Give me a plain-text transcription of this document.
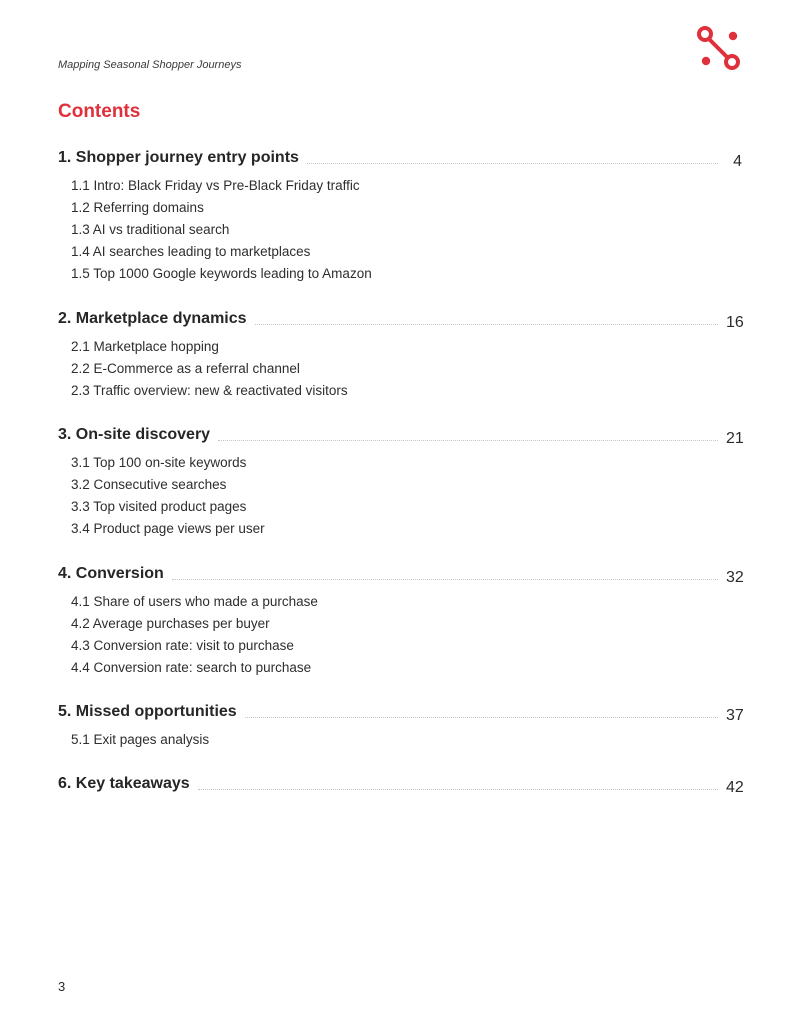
Mapping Seasonal Shopper Journeys
Contents
1. Shopper journey entry points	4
1.1 Intro: Black Friday vs Pre-Black Friday traffic
1.2 Referring domains
1.3 AI vs traditional search
1.4 AI searches leading to marketplaces
1.5 Top 1000 Google keywords leading to Amazon
2. Marketplace dynamics	16
2.1 Marketplace hopping
2.2 E-Commerce as a referral channel
2.3 Traffic overview: new & reactivated visitors
3. On-site discovery	21
3.1 Top 100 on-site keywords
3.2 Consecutive searches
3.3 Top visited product pages
3.4 Product page views per user
4. Conversion	32
4.1 Share of users who made a purchase
4.2 Average purchases per buyer
4.3 Conversion rate: visit to purchase
4.4 Conversion rate: search to purchase
5. Missed opportunities	37
5.1 Exit pages analysis
6. Key takeaways	42
3
